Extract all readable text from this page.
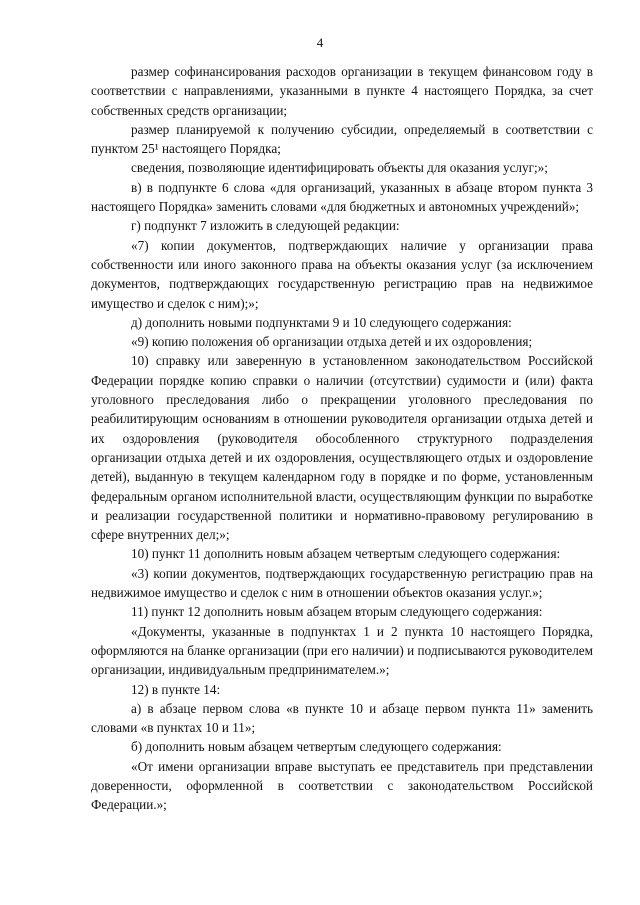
4

размер софинансирования расходов организации в текущем финансовом году в соответствии с направлениями, указанными в пункте 4 настоящего Порядка, за счет собственных средств организации;

размер планируемой к получению субсидии, определяемый в соответствии с пунктом 25¹ настоящего Порядка;

сведения, позволяющие идентифицировать объекты для оказания услуг;»;

в) в подпункте 6 слова «для организаций, указанных в абзаце втором пункта 3 настоящего Порядка» заменить словами «для бюджетных и автономных учреждений»;

г) подпункт 7 изложить в следующей редакции:

«7) копии документов, подтверждающих наличие у организации права собственности или иного законного права на объекты оказания услуг (за исключением документов, подтверждающих государственную регистрацию прав на недвижимое имущество и сделок с ним);»;

д) дополнить новыми подпунктами 9 и 10 следующего содержания:

«9) копию положения об организации отдыха детей и их оздоровления;

10) справку или заверенную в установленном законодательством Российской Федерации порядке копию справки о наличии (отсутствии) судимости и (или) факта уголовного преследования либо о прекращении уголовного преследования по реабилитирующим основаниям в отношении руководителя организации отдыха детей и их оздоровления (руководителя обособленного структурного подразделения организации отдыха детей и их оздоровления, осуществляющего отдых и оздоровление детей), выданную в текущем календарном году в порядке и по форме, установленным федеральным органом исполнительной власти, осуществляющим функции по выработке и реализации государственной политики и нормативно-правовому регулированию в сфере внутренних дел;»;

10) пункт 11 дополнить новым абзацем четвертым следующего содержания:

«3) копии документов, подтверждающих государственную регистрацию прав на недвижимое имущество и сделок с ним в отношении объектов оказания услуг.»;

11) пункт 12 дополнить новым абзацем вторым следующего содержания:

«Документы, указанные в подпунктах 1 и 2 пункта 10 настоящего Порядка, оформляются на бланке организации (при его наличии) и подписываются руководителем организации, индивидуальным предпринимателем.»;

12) в пункте 14:

а) в абзаце первом слова «в пункте 10 и абзаце первом пункта 11» заменить словами «в пунктах 10 и 11»;

б) дополнить новым абзацем четвертым следующего содержания:

«От имени организации вправе выступать ее представитель при представлении доверенности, оформленной в соответствии с законодательством Российской Федерации.»;
